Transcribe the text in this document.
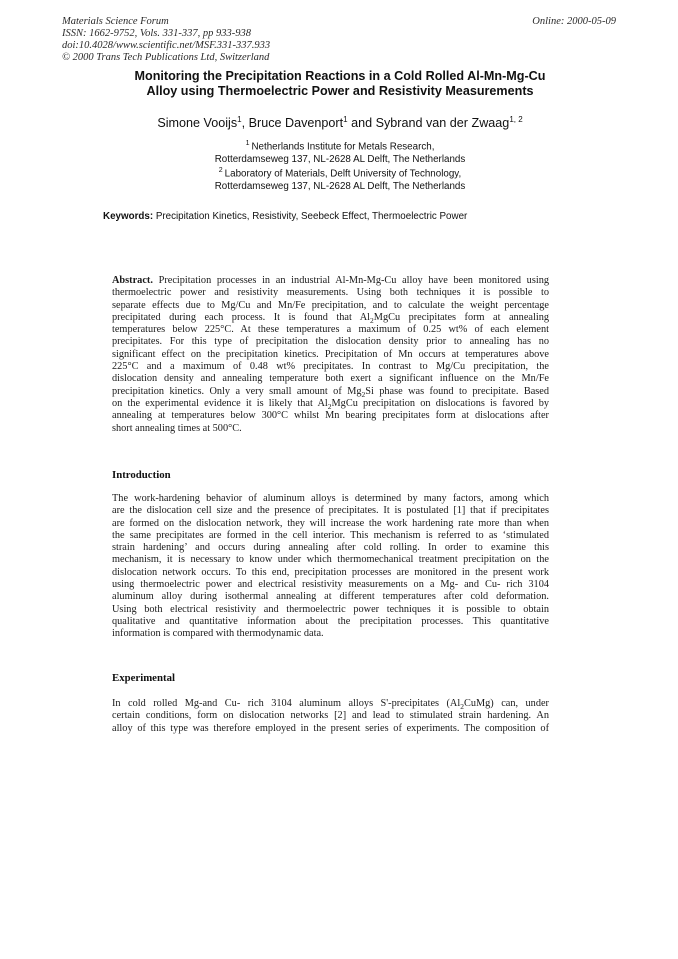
Materials Science Forum
ISSN: 1662-9752, Vols. 331-337, pp 933-938
doi:10.4028/www.scientific.net/MSF.331-337.933
© 2000 Trans Tech Publications Ltd, Switzerland
Online: 2000-05-09
Monitoring the Precipitation Reactions in a Cold Rolled Al-Mn-Mg-Cu
Alloy using Thermoelectric Power and Resistivity Measurements
Simone Vooijs$^1$, Bruce Davenport$^1$ and Sybrand van der Zwaag$^{1, 2}$
$^1$  Netherlands Institute for Metals Research,
Rotterdamseweg 137, NL-2628 AL Delft, The Netherlands
$^2$  Laboratory of Materials, Delft University of Technology,
Rotterdamseweg 137, NL-2628 AL Delft, The Netherlands
Keywords: Precipitation Kinetics, Resistivity, Seebeck Effect, Thermoelectric Power
Abstract. Precipitation processes in an industrial Al-Mn-Mg-Cu alloy have been monitored using
thermoelectric power and resistivity measurements. Using both techniques it is possible to
separate effects due to Mg/Cu and Mn/Fe precipitation, and to calculate the weight percentage
precipitated during each process. It is found that $Al_2MgCu$ precipitates form at annealing
temperatures below 225°C. At these temperatures a maximum of 0.25 wt% of each element
precipitates. For this type of precipitation the dislocation density prior to annealing has no
significant effect on the precipitation kinetics. Precipitation of Mn occurs at temperatures above
225°C and a maximum of 0.48 wt% precipitates. In contrast to Mg/Cu precipitation, the
dislocation density and annealing temperature both exert a significant influence on the Mn/Fe
precipitation kinetics. Only a very small amount of $Mg_2Si$ phase was found to precipitate. Based
on the experimental evidence it is likely that $Al_2MgCu$ precipitation on dislocations is favored by
annealing at temperatures below 300°C whilst Mn bearing precipitates form at dislocations after
short annealing times at 500°C.
Introduction
The work-hardening behavior of aluminum alloys is determined by many factors, among which
are the dislocation cell size and the presence of precipitates. It is postulated [1] that if precipitates
are formed on the dislocation network, they will increase the work hardening rate more than when
the same precipitates are formed in the cell interior. This mechanism is referred to as ‘stimulated
strain hardening’ and occurs during annealing after cold rolling. In order to examine this
mechanism, it is necessary to know under which thermomechanical treatment precipitation on the
dislocation network occurs. To this end, precipitation processes are monitored in the present work
using thermoelectric power and electrical resistivity measurements on a Mg- and Cu- rich 3104
aluminum alloy during isothermal annealing at different temperatures after cold deformation.
Using both electrical resistivity and thermoelectric power techniques it is possible to obtain
qualitative and quantitative information about the precipitation processes. This quantitative
information is compared with thermodynamic data.
Experimental
In cold rolled Mg-and Cu- rich 3104 aluminum alloys S'-precipitates $(Al_2CuMg)$ can, under
certain conditions, form on dislocation networks [2] and lead to stimulated strain hardening. An
alloy of this type was therefore employed in the present series of experiments. The composition of
